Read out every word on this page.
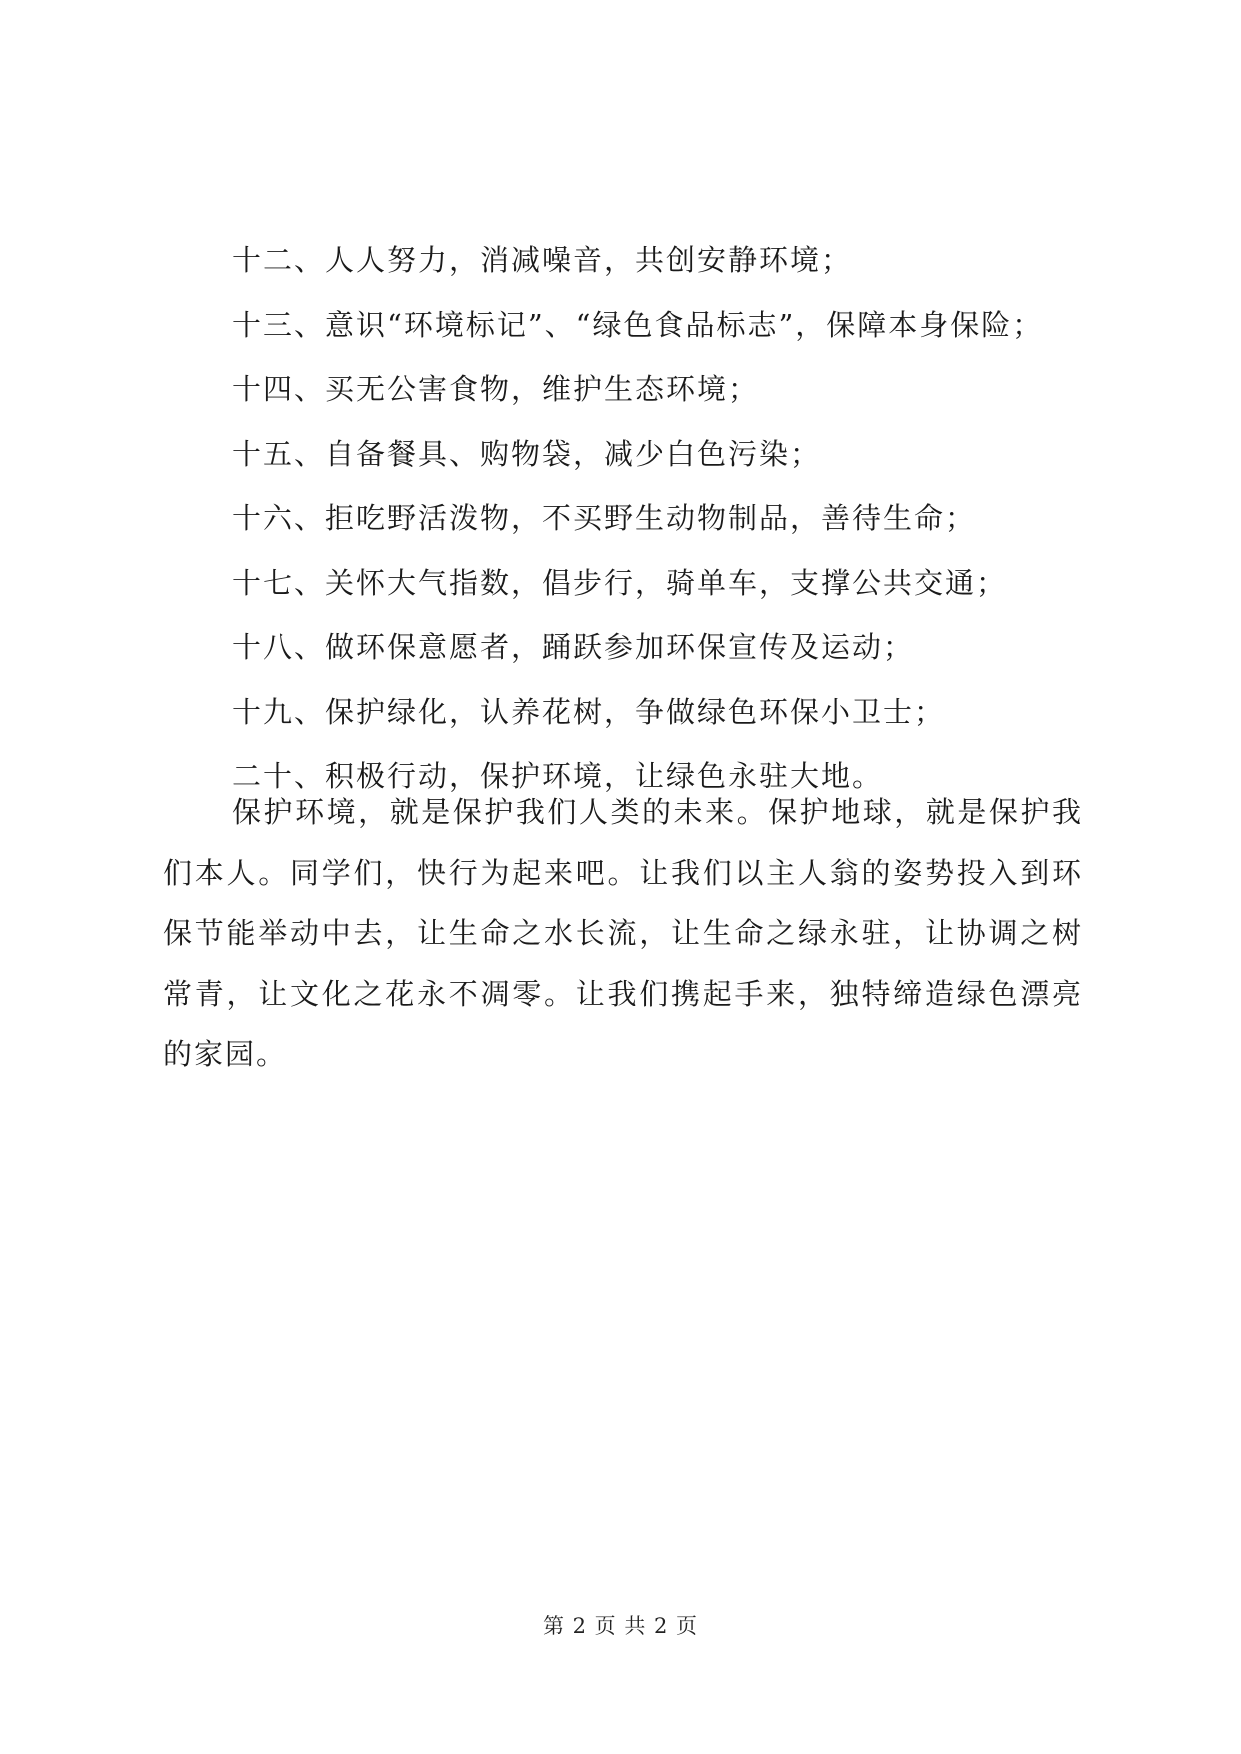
十二、人人努力，消减噪音，共创安静环境；
十三、意识“环境标记”、“绿色食品标志”，保障本身保险；
十四、买无公害食物，维护生态环境；
十五、自备餐具、购物袋，减少白色污染；
十六、拒吃野活泼物，不买野生动物制品，善待生命；
十七、关怀大气指数，倡步行，骑单车，支撑公共交通；
十八、做环保意愿者，踊跃参加环保宣传及运动；
十九、保护绿化，认养花树，争做绿色环保小卫士；
二十、积极行动，保护环境，让绿色永驻大地。

保护环境，就是保护我们人类的未来。保护地球，就是保护我们本人。同学们，快行为起来吧。让我们以主人翁的姿势投入到环保节能举动中去，让生命之水长流，让生命之绿永驻，让协调之树常青，让文化之花永不凋零。让我们携起手来，独特缔造绿色漂亮的家园。

第 2 页 共 2 页
